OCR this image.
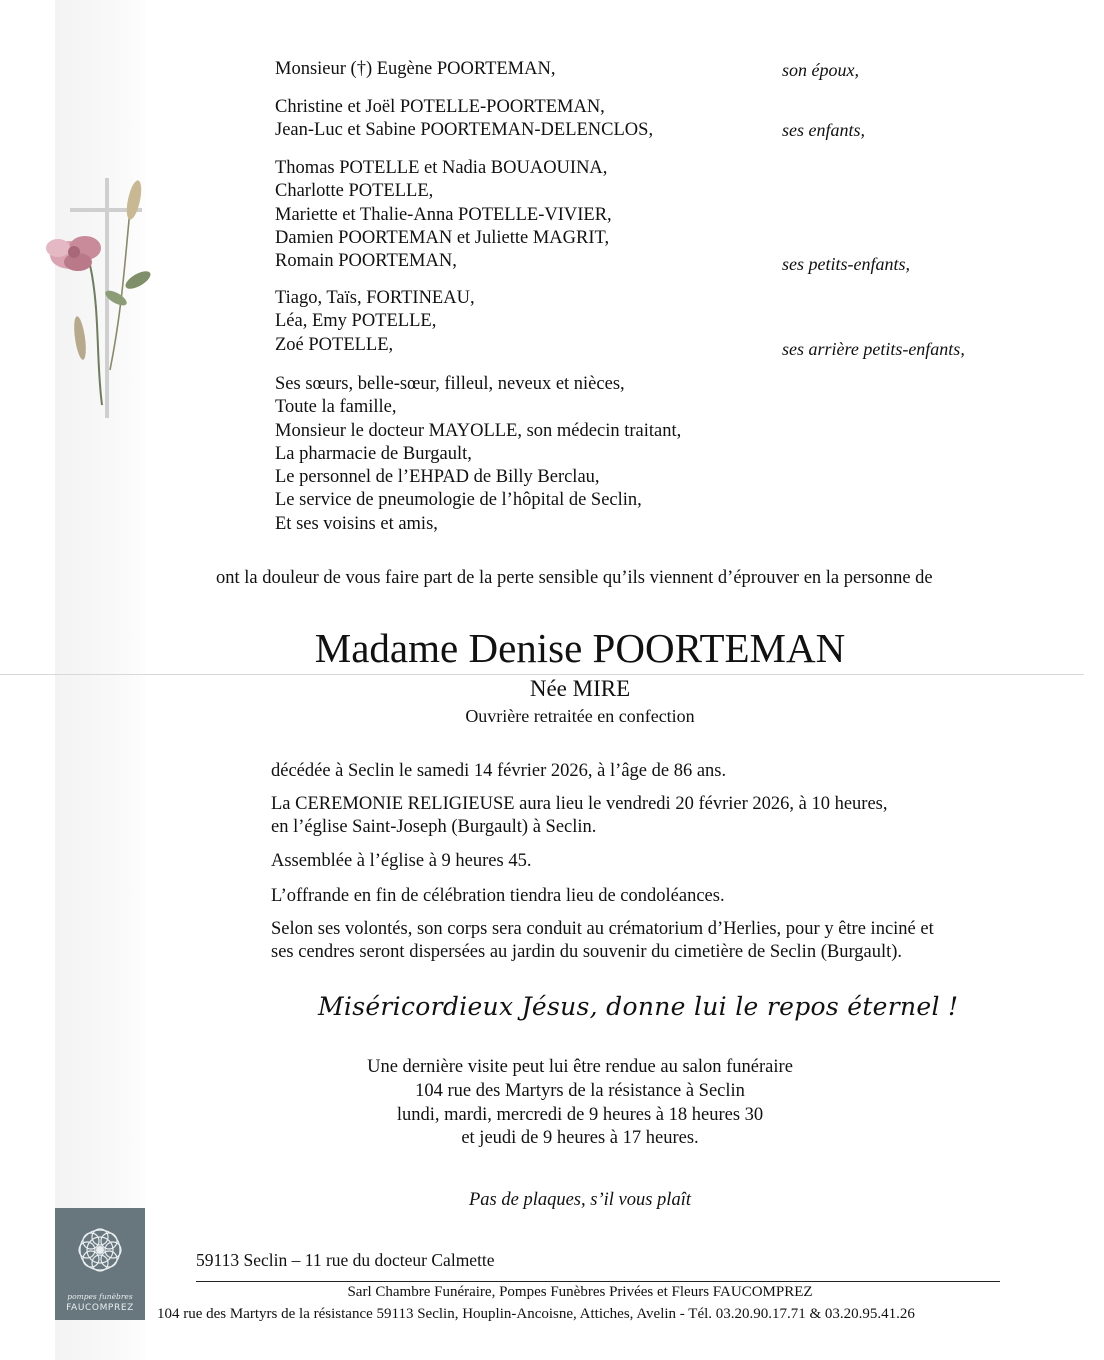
Monsieur (†) Eugène POORTEMAN,	son époux,
Christine et Joël POTELLE-POORTEMAN,
Jean-Luc et Sabine POORTEMAN-DELENCLOS,	ses enfants,
Thomas POTELLE et Nadia BOUAOUINA,
Charlotte POTELLE,
Mariette et Thalie-Anna POTELLE-VIVIER,
Damien POORTEMAN et Juliette MAGRIT,
Romain POORTEMAN,	ses petits-enfants,
Tiago, Taïs, FORTINEAU,
Léa, Emy POTELLE,
Zoé POTELLE,	ses arrière petits-enfants,
Ses sœurs, belle-sœur, filleul, neveux et nièces,
Toute la famille,
Monsieur le docteur MAYOLLE, son médecin traitant,
La pharmacie de Burgault,
Le personnel de l’EHPAD de Billy Berclau,
Le service de pneumologie de l’hôpital de Seclin,
Et ses voisins et amis,
ont la douleur de vous faire part de la perte sensible qu’ils viennent d’éprouver en la personne de
Madame Denise POORTEMAN
Née MIRE
Ouvrière retraitée en confection
décédée à Seclin le samedi 14 février 2026, à l’âge de 86 ans.
La CEREMONIE RELIGIEUSE aura lieu le vendredi 20 février 2026, à 10 heures,
en l’église Saint-Joseph (Burgault) à Seclin.
Assemblée à l’église à 9 heures 45.
L’offrande en fin de célébration tiendra lieu de condoléances.
Selon ses volontés, son corps sera conduit au crématorium d’Herlies, pour y être inciné et
ses cendres seront dispersées au jardin du souvenir du cimetière de Seclin (Burgault).
Miséricordieux Jésus, donne lui le repos éternel !
Une dernière visite peut lui être rendue au salon funéraire
104 rue des Martyrs de la résistance à Seclin
lundi, mardi, mercredi de 9 heures à 18 heures 30
et jeudi de 9 heures à 17 heures.
Pas de plaques, s’il vous plaît
pompes funèbres
FAUCOMPREZ
59113 Seclin – 11 rue du docteur Calmette
Sarl Chambre Funéraire, Pompes Funèbres Privées et Fleurs FAUCOMPREZ
104 rue des Martyrs de la résistance 59113 Seclin, Houplin-Ancoisne, Attiches, Avelin - Tél. 03.20.90.17.71 & 03.20.95.41.26
